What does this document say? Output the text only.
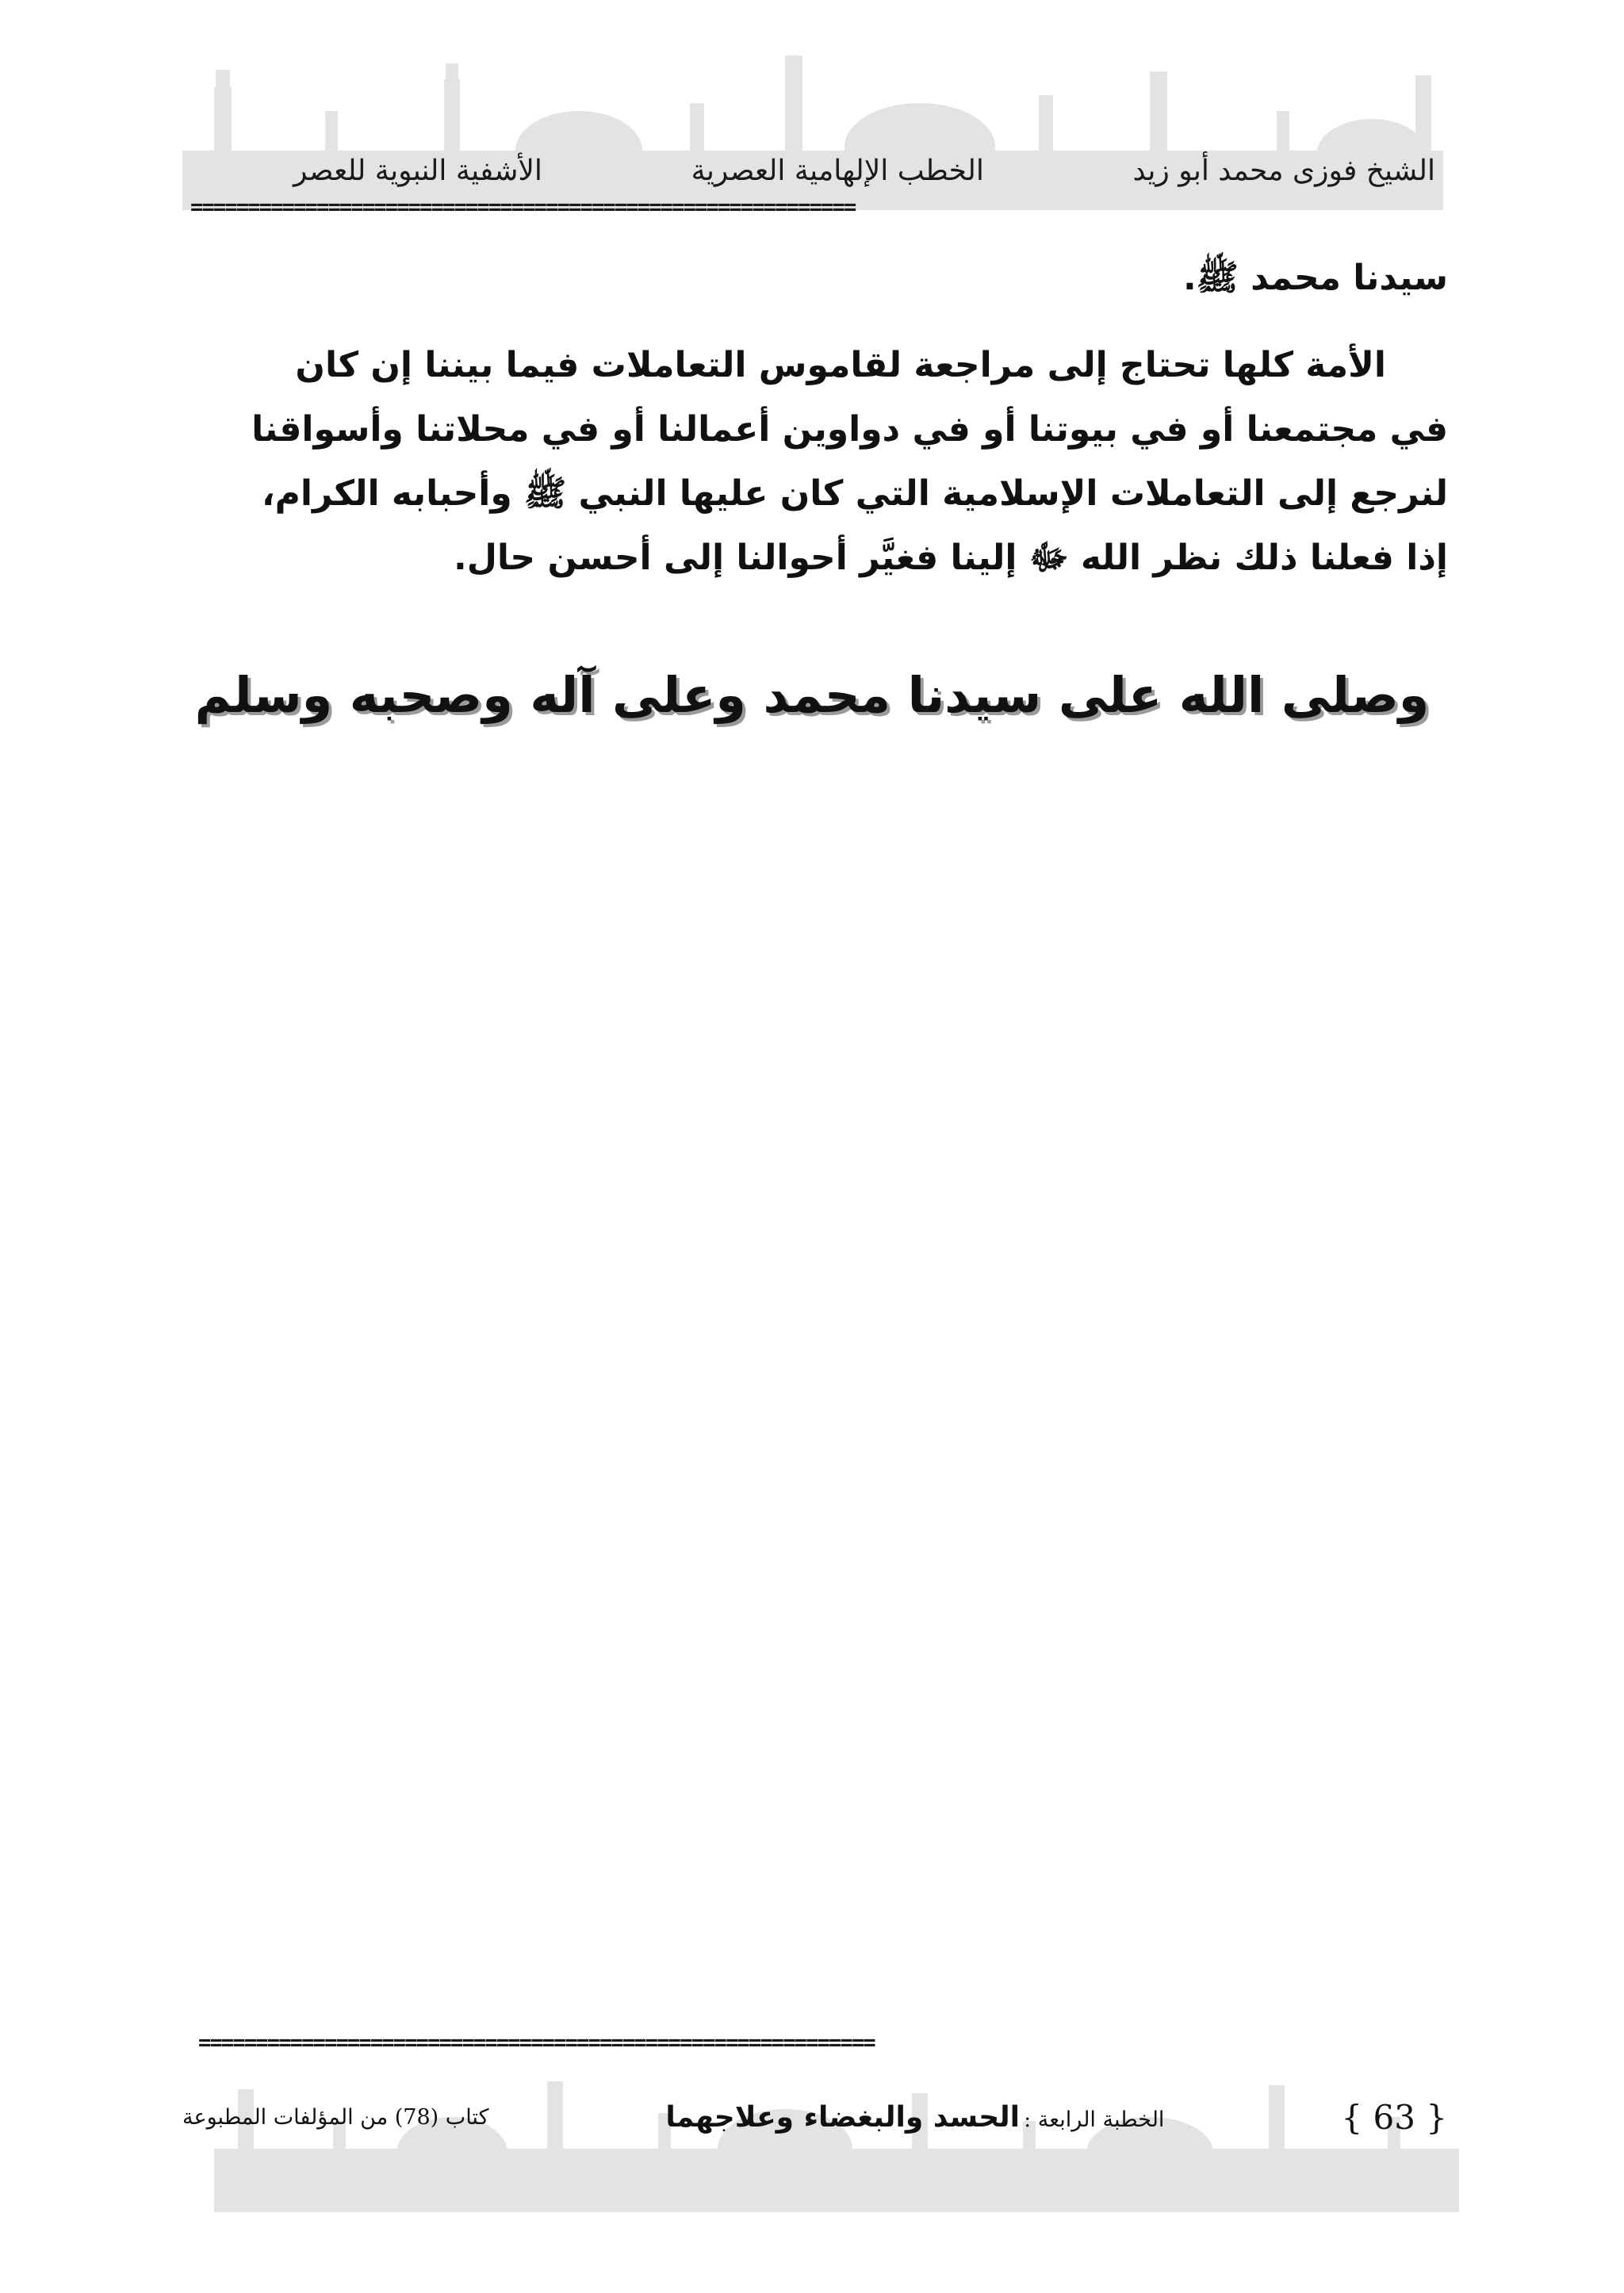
الشيخ فوزى محمد أبو زيد
الخطب الإلهامية العصرية
الأشفية النبوية للعصر
==========================================================
سيدنا محمد ﷺ.
الأمة كلها تحتاج إلى مراجعة لقاموس التعاملات فيما بيننا إن كان
في مجتمعنا أو في بيوتنا أو في دواوين أعمالنا أو في محلاتنا وأسواقنا
لنرجع إلى التعاملات الإسلامية التي كان عليها النبي ﷺ وأحبابه الكرام،
إذا فعلنا ذلك نظر الله ﷻ إلينا فغيَّر أحوالنا إلى أحسن حال.
وصلى الله على سيدنا محمد وعلى آله وصحبه وسلم
===========================================================
كتاب (78) من المؤلفات المطبوعة	الخطبة الرابعة : الحسد والبغضاء وعلاجهما	{ 63 }
